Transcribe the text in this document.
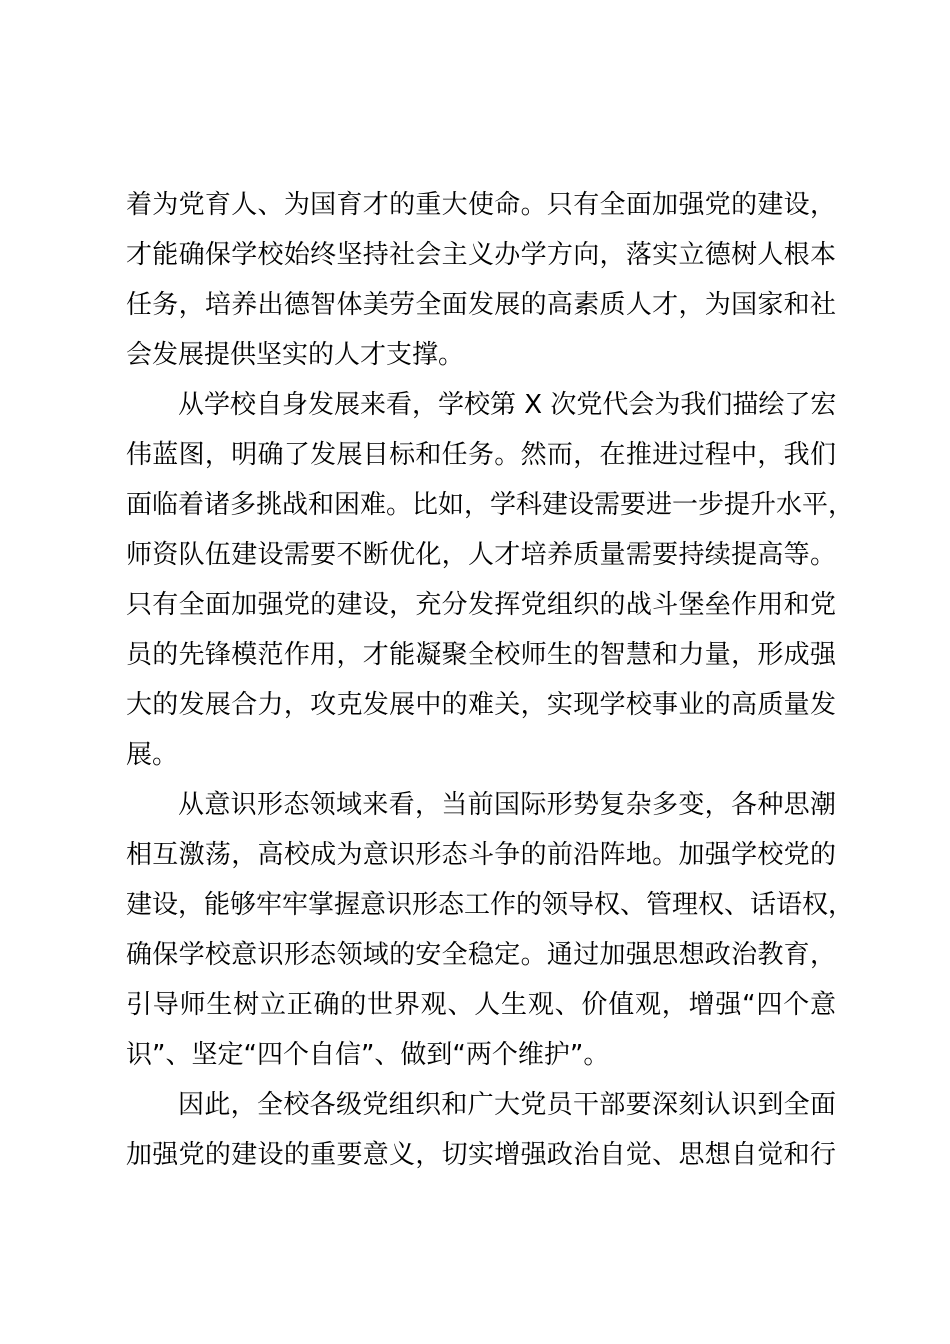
着为党育人、为国育才的重大使命。只有全面加强党的建设，
才能确保学校始终坚持社会主义办学方向，落实立德树人根本
任务，培养出德智体美劳全面发展的高素质人才，为国家和社
会发展提供坚实的人才支撑。
从学校自身发展来看，学校第 X 次党代会为我们描绘了宏
伟蓝图，明确了发展目标和任务。然而，在推进过程中，我们
面临着诸多挑战和困难。比如，学科建设需要进一步提升水平，
师资队伍建设需要不断优化，人才培养质量需要持续提高等。
只有全面加强党的建设，充分发挥党组织的战斗堡垒作用和党
员的先锋模范作用，才能凝聚全校师生的智慧和力量，形成强
大的发展合力，攻克发展中的难关，实现学校事业的高质量发
展。
从意识形态领域来看，当前国际形势复杂多变，各种思潮
相互激荡，高校成为意识形态斗争的前沿阵地。加强学校党的
建设，能够牢牢掌握意识形态工作的领导权、管理权、话语权，
确保学校意识形态领域的安全稳定。通过加强思想政治教育，
引导师生树立正确的世界观、人生观、价值观，增强“四个意
识”、坚定“四个自信”、做到“两个维护”。
因此，全校各级党组织和广大党员干部要深刻认识到全面
加强党的建设的重要意义，切实增强政治自觉、思想自觉和行
